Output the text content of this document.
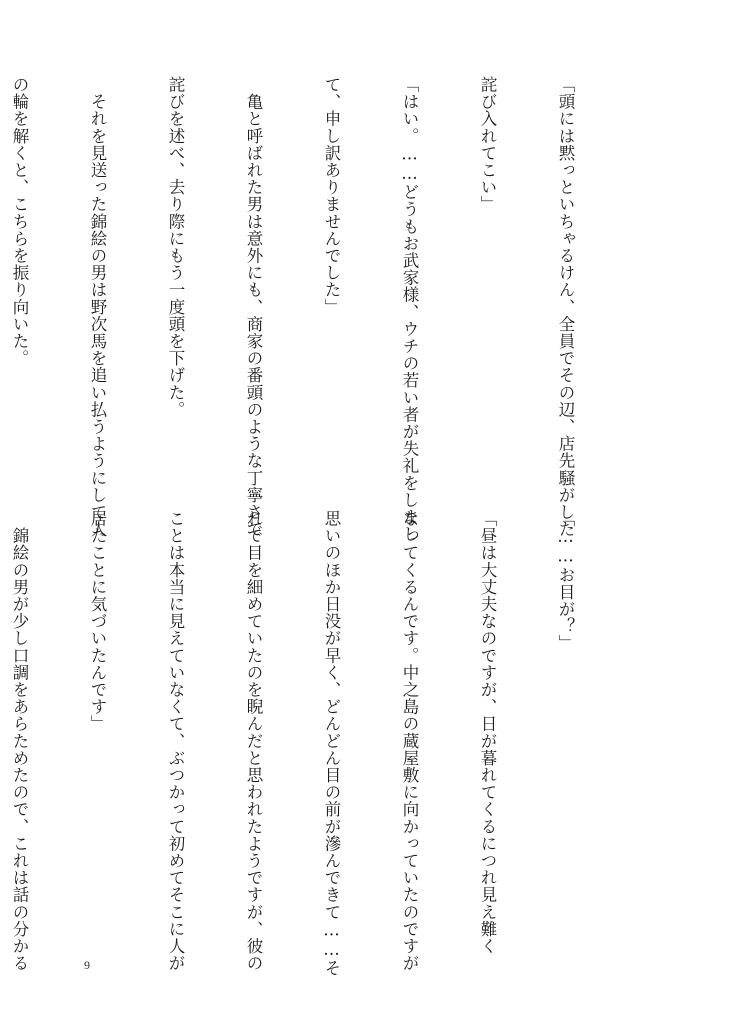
「頭には黙っといちゃるけん、全員でその辺、店先騒がした

詫び入れてこい」

「はい。……どうもお武家様、ウチの若い者が失礼をしまし

て、申し訳ありませんでした」

　亀と呼ばれた男は意外にも、商家の番頭のような丁寧さで

詫びを述べ、去り際にもう一度頭を下げた。

　それを見送った錦絵の男は野次馬を追い払うようにして人

の輪を解くと、こちらを振り向いた。

「……お目が？」

「昼は大丈夫なのですが、日が暮れてくるにつれ見え難く

なってくるんです。中之島の蔵屋敷に向かっていたのですが

思いのほか日没が早く、どんどん目の前が滲んできて……そ

れで目を細めていたのを睨んだと思われたようですが、彼の

ことは本当に見えていなくて、ぶつかって初めてそこに人が

居たことに気づいたんです」

　錦絵の男が少し口調をあらためたので、これは話の分かる

	9
